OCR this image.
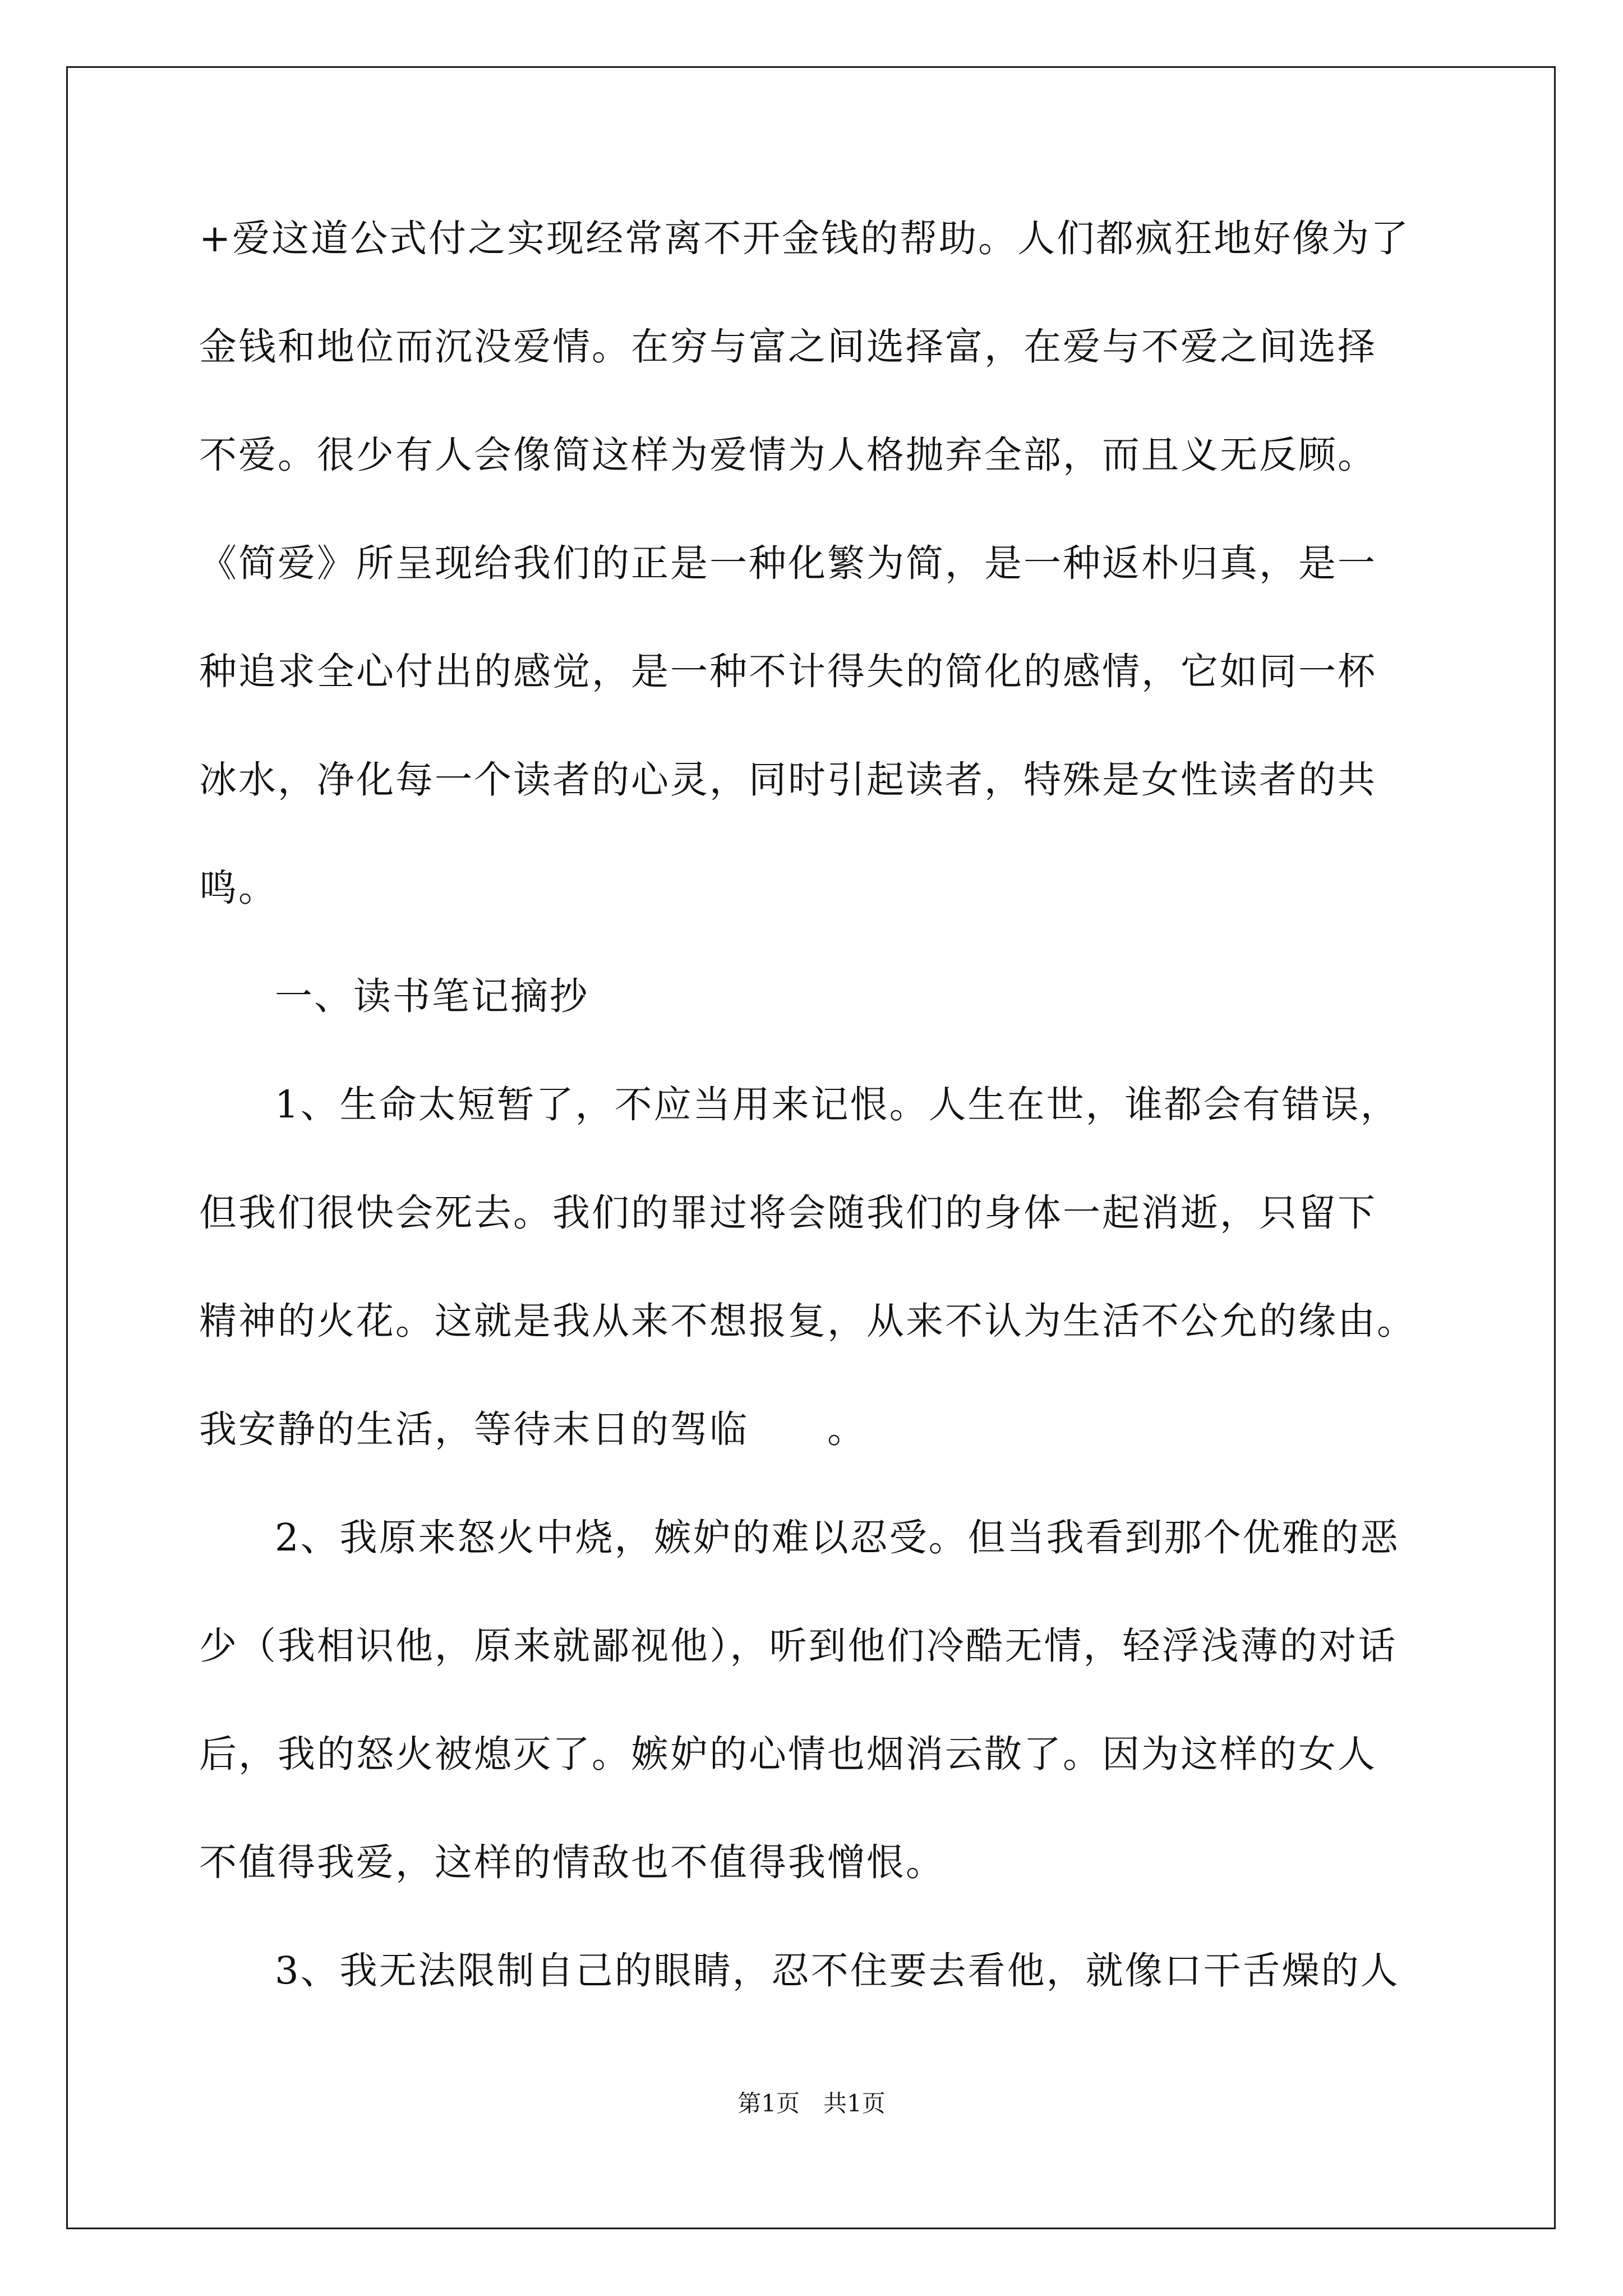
+爱这道公式付之实现经常离不开金钱的帮助。人们都疯狂地好像为了
金钱和地位而沉没爱情。在穷与富之间选择富，在爱与不爱之间选择
不爱。很少有人会像简这样为爱情为人格抛弃全部，而且义无反顾。
《简爱》所呈现给我们的正是一种化繁为简，是一种返朴归真，是一
种追求全心付出的感觉，是一种不计得失的简化的感情，它如同一杯
冰水，净化每一个读者的心灵，同时引起读者，特殊是女性读者的共
鸣。
一、读书笔记摘抄
1、生命太短暂了，不应当用来记恨。人生在世，谁都会有错误，
但我们很快会死去。我们的罪过将会随我们的身体一起消逝，只留下
精神的火花。这就是我从来不想报复，从来不认为生活不公允的缘由。
我安静的生活，等待末日的驾临　　。
2、我原来怒火中烧，嫉妒的难以忍受。但当我看到那个优雅的恶
少（我相识他，原来就鄙视他），听到他们冷酷无情，轻浮浅薄的对话
后，我的怒火被熄灭了。嫉妒的心情也烟消云散了。因为这样的女人
不值得我爱，这样的情敌也不值得我憎恨。
3、我无法限制自己的眼睛，忍不住要去看他，就像口干舌燥的人
第1页　共1页
